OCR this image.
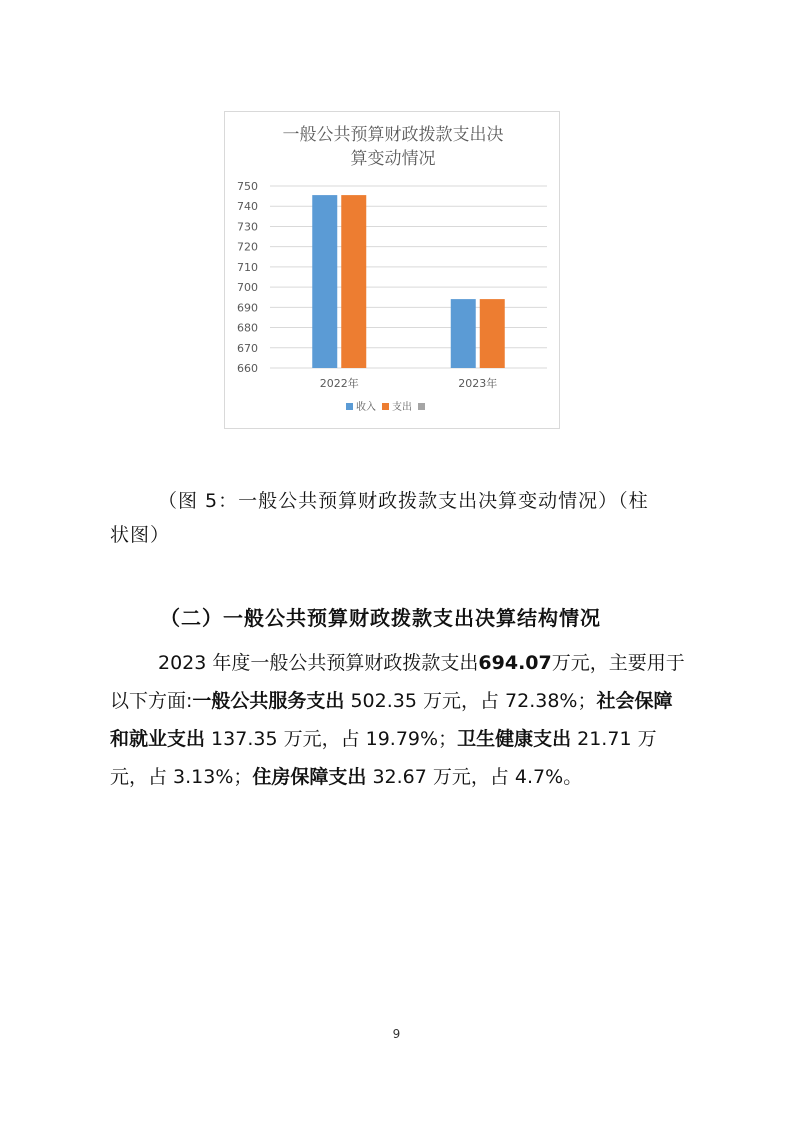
一般公共预算财政拨款支出决
算变动情况
660
670
680
690
700
710
720
730
740
750
2022年	2023年
收入 支出
（图 5：一般公共预算财政拨款支出决算变动情况）（柱
状图）
（二）一般公共预算财政拨款支出决算结构情况
2023 年度一般公共预算财政拨款支出694.07万元，主要用于以下方面:一般公共服务支出 502.35 万元，占 72.38%；社会保障和就业支出 137.35 万元，占 19.79%；卫生健康支出 21.71 万元，占 3.13%；住房保障支出 32.67 万元，占 4.7%。
9
